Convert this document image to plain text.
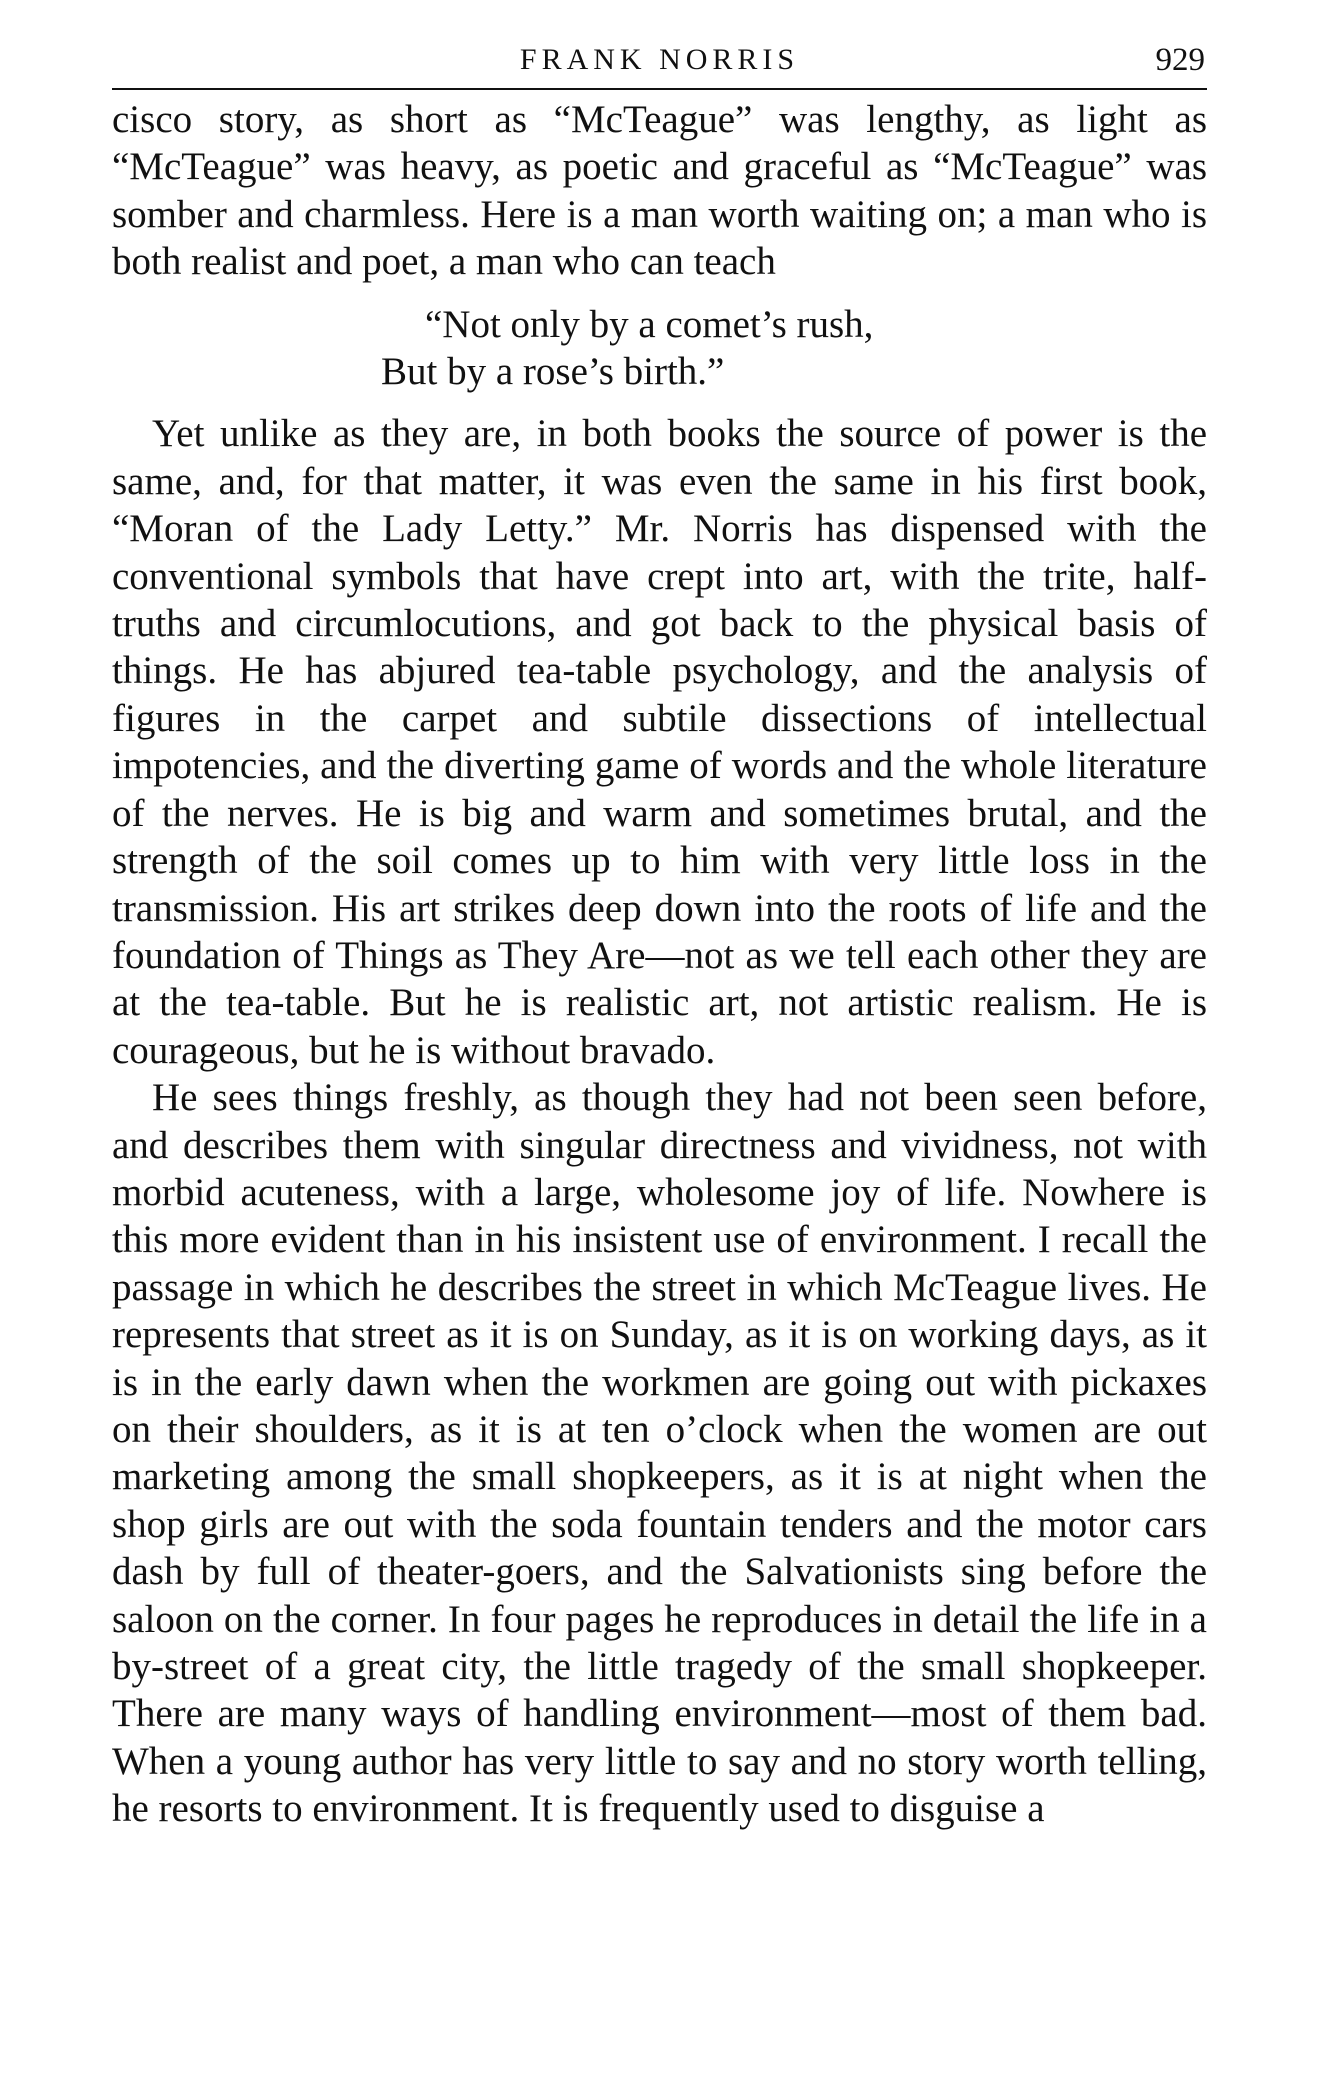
FRANK NORRIS	929

cisco story, as short as “McTeague” was lengthy, as light as “McTeague” was heavy, as poetic and graceful as “McTeague” was somber and charmless. Here is a man worth waiting on; a man who is both realist and poet, a man who can teach

“Not only by a comet’s rush,
But by a rose’s birth.”

Yet unlike as they are, in both books the source of power is the same, and, for that matter, it was even the same in his first book, “Moran of the Lady Letty.” Mr. Norris has dispensed with the conventional symbols that have crept into art, with the trite, half-truths and circumlocutions, and got back to the physical basis of things. He has abjured tea-table psychology, and the analysis of figures in the carpet and subtile dissections of intellectual impotencies, and the diverting game of words and the whole literature of the nerves. He is big and warm and sometimes brutal, and the strength of the soil comes up to him with very little loss in the transmission. His art strikes deep down into the roots of life and the foundation of Things as They Are—not as we tell each other they are at the tea-table. But he is realistic art, not artistic realism. He is courageous, but he is without bravado.

He sees things freshly, as though they had not been seen before, and describes them with singular directness and vividness, not with morbid acuteness, with a large, wholesome joy of life. Nowhere is this more evident than in his insistent use of environment. I recall the passage in which he describes the street in which McTeague lives. He represents that street as it is on Sunday, as it is on working days, as it is in the early dawn when the workmen are going out with pickaxes on their shoulders, as it is at ten o’clock when the women are out marketing among the small shopkeepers, as it is at night when the shop girls are out with the soda fountain tenders and the motor cars dash by full of theater-goers, and the Salvationists sing before the saloon on the corner. In four pages he reproduces in detail the life in a by-street of a great city, the little tragedy of the small shopkeeper. There are many ways of handling environment—most of them bad. When a young author has very little to say and no story worth telling, he resorts to environment. It is frequently used to disguise a
